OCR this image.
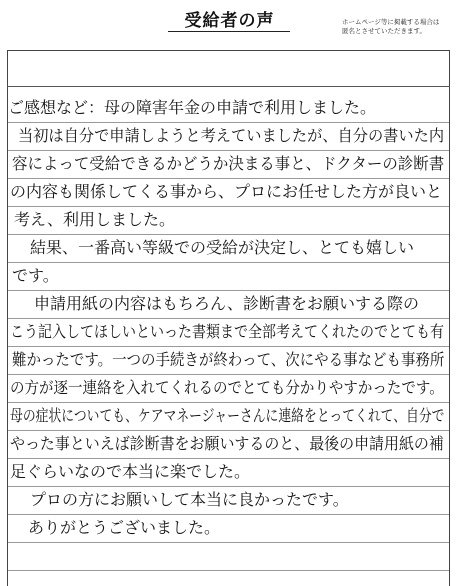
受給者の声	ホームページ等に掲載する場合は
匿名とさせていただきます。
ご感想など：母の障害年金の申請で利用しました。
当初は自分で申請しようと考えていましたが、自分の書いた内
容によって受給できるかどうか決まる事と、ドクターの診断書
の内容も関係してくる事から、プロにお任せした方が良いと
考え、利用しました。
結果、一番高い等級での受給が決定し、とても嬉しい
です。
申請用紙の内容はもちろん、診断書をお願いする際の
こう記入してほしいといった書類まで全部考えてくれたのでとても有
難かったです。一つの手続きが終わって、次にやる事なども事務所
の方が逐一連絡を入れてくれるのでとても分かりやすかったです。
母の症状についても、ケアマネージャーさんに連絡をとってくれて、自分で
やった事といえば診断書をお願いするのと、最後の申請用紙の補
足ぐらいなので本当に楽でした。
プロの方にお願いして本当に良かったです。
ありがとうございました。
